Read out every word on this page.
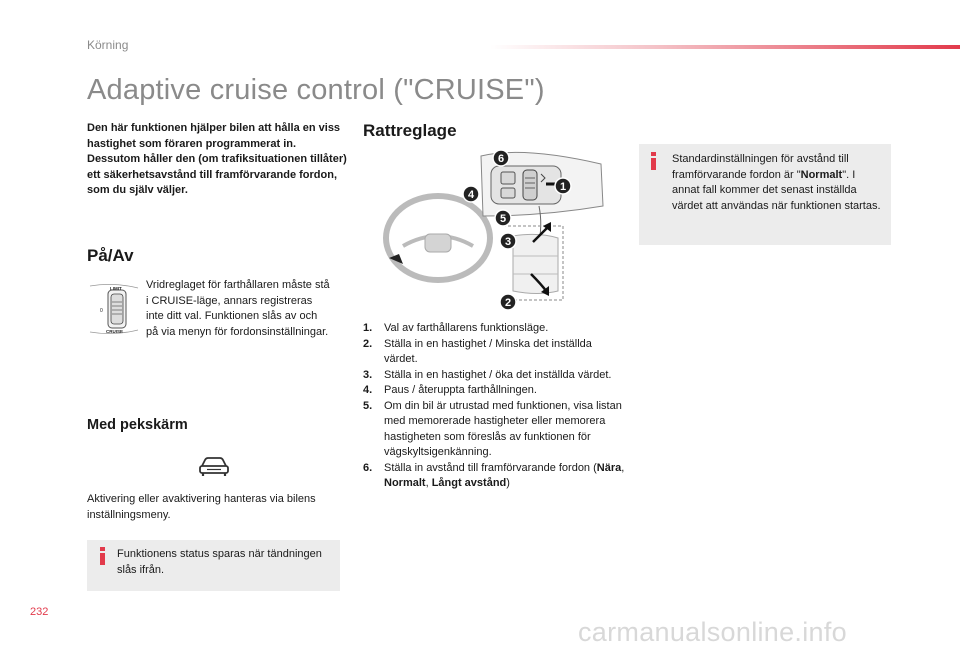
Körning
Adaptive cruise control ("CRUISE")

Den här funktionen hjälper bilen att hålla en viss hastighet som föraren programmerat in.

Dessutom håller den (om trafiksituationen tillåter) ett säkerhetsavstånd till framförvarande fordon, som du själv väljer.

På/Av
LIMIT
0
CRUISE
Vridreglaget för farthållaren måste stå i CRUISE-läge, annars registreras inte ditt val. Funktionen slås av och på via menyn för fordonsinställningar.
Med pekskärm
Aktivering eller avaktivering hanteras via bilens inställningsmeny.
Funktionens status sparas när tändningen slås ifrån.
Rattreglage
6
4
5
3
2
1
1.	Val av farthållarens funktionsläge.
2.	Ställa in en hastighet / Minska det inställda värdet.
3.	Ställa in en hastighet / öka det inställda värdet.
4.	Paus / återuppta farthållningen.
5.	Om din bil är utrustad med funktionen, visa listan med memorerade hastigheter eller memorera hastigheten som föreslås av funktionen för vägskyltsigenkänning.
6.	Ställa in avstånd till framförvarande fordon (Nära, Normalt, Långt avstånd)
Standardinställningen för avstånd till framförvarande fordon är "Normalt". I annat fall kommer det senast inställda värdet att användas när funktionen startas.
232
carmanualsonline.info
